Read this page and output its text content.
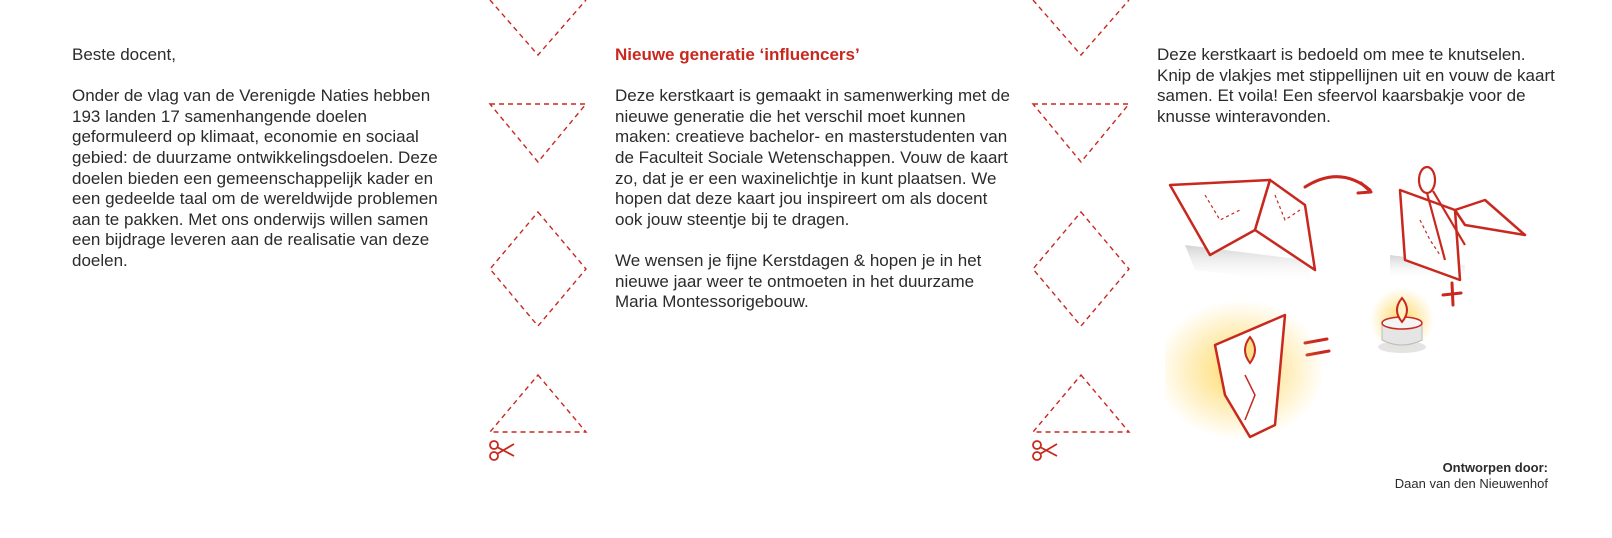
Beste docent,

Onder de vlag van de Verenigde Naties hebben 193 landen 17 samenhangende doelen geformuleerd op klimaat, economie en sociaal gebied: de duurzame ontwikkelingsdoelen. Deze doelen bieden een gemeenschappelijk kader en een gedeelde taal om de wereldwijde problemen aan te pakken. Met ons onderwijs willen samen een bijdrage leveren aan de realisatie van deze doelen.

Nieuwe generatie ‘influencers’

Deze kerstkaart is gemaakt in samenwerking met de nieuwe generatie die het verschil moet kunnen maken: creatieve bachelor- en masterstudenten van de Faculteit Sociale Wetenschappen. Vouw de kaart zo, dat je er een waxinelichtje in kunt plaatsen. We hopen dat deze kaart jou inspireert om als docent ook jouw steentje bij te dragen.

We wensen je fijne Kerstdagen & hopen je in het nieuwe jaar weer te ontmoeten in het duurzame Maria Montessorigebouw.

Deze kerstkaart is bedoeld om mee te knutselen. Knip de vlakjes met stippellijnen uit en vouw de kaart samen. Et voila! Een sfeervol kaarsbakje voor de knusse winteravonden.

Ontworpen door:
Daan van den Nieuwenhof
